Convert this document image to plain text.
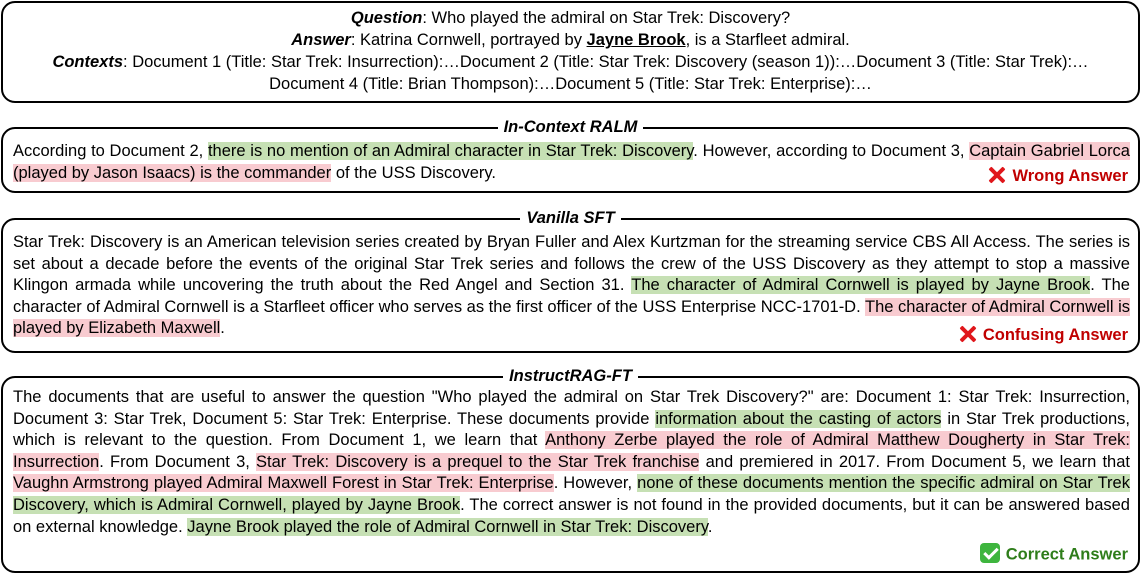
Question: Who played the admiral on Star Trek: Discovery?
Answer: Katrina Cornwell, portrayed by Jayne Brook, is a Starfleet admiral.
Contexts: Document 1 (Title: Star Trek: Insurrection):…Document 2 (Title: Star Trek: Discovery (season 1)):…Document 3 (Title: Star Trek):…
Document 4 (Title: Brian Thompson):…Document 5 (Title: Star Trek: Enterprise):…
In-Context RALM
According to Document 2, there is no mention of an Admiral character in Star Trek: Discovery. However, according to Document 3, Captain Gabriel Lorca (played by Jason Isaacs) is the commander of the USS Discovery.	Wrong Answer
Vanilla SFT
Star Trek: Discovery is an American television series created by Bryan Fuller and Alex Kurtzman for the streaming service CBS All Access. The series is set about a decade before the events of the original Star Trek series and follows the crew of the USS Discovery as they attempt to stop a massive Klingon armada while uncovering the truth about the Red Angel and Section 31. The character of Admiral Cornwell is played by Jayne Brook. The character of Admiral Cornwell is a Starfleet officer who serves as the first officer of the USS Enterprise NCC-1701-D. The character of Admiral Cornwell is played by Elizabeth Maxwell.	Confusing Answer
InstructRAG-FT
The documents that are useful to answer the question "Who played the admiral on Star Trek Discovery?" are: Document 1: Star Trek: Insurrection, Document 3: Star Trek, Document 5: Star Trek: Enterprise. These documents provide information about the casting of actors in Star Trek productions, which is relevant to the question. From Document 1, we learn that Anthony Zerbe played the role of Admiral Matthew Dougherty in Star Trek: Insurrection. From Document 3, Star Trek: Discovery is a prequel to the Star Trek franchise and premiered in 2017. From Document 5, we learn that Vaughn Armstrong played Admiral Maxwell Forest in Star Trek: Enterprise. However, none of these documents mention the specific admiral on Star Trek Discovery, which is Admiral Cornwell, played by Jayne Brook. The correct answer is not found in the provided documents, but it can be answered based on external knowledge. Jayne Brook played the role of Admiral Cornwell in Star Trek: Discovery.
Correct Answer
